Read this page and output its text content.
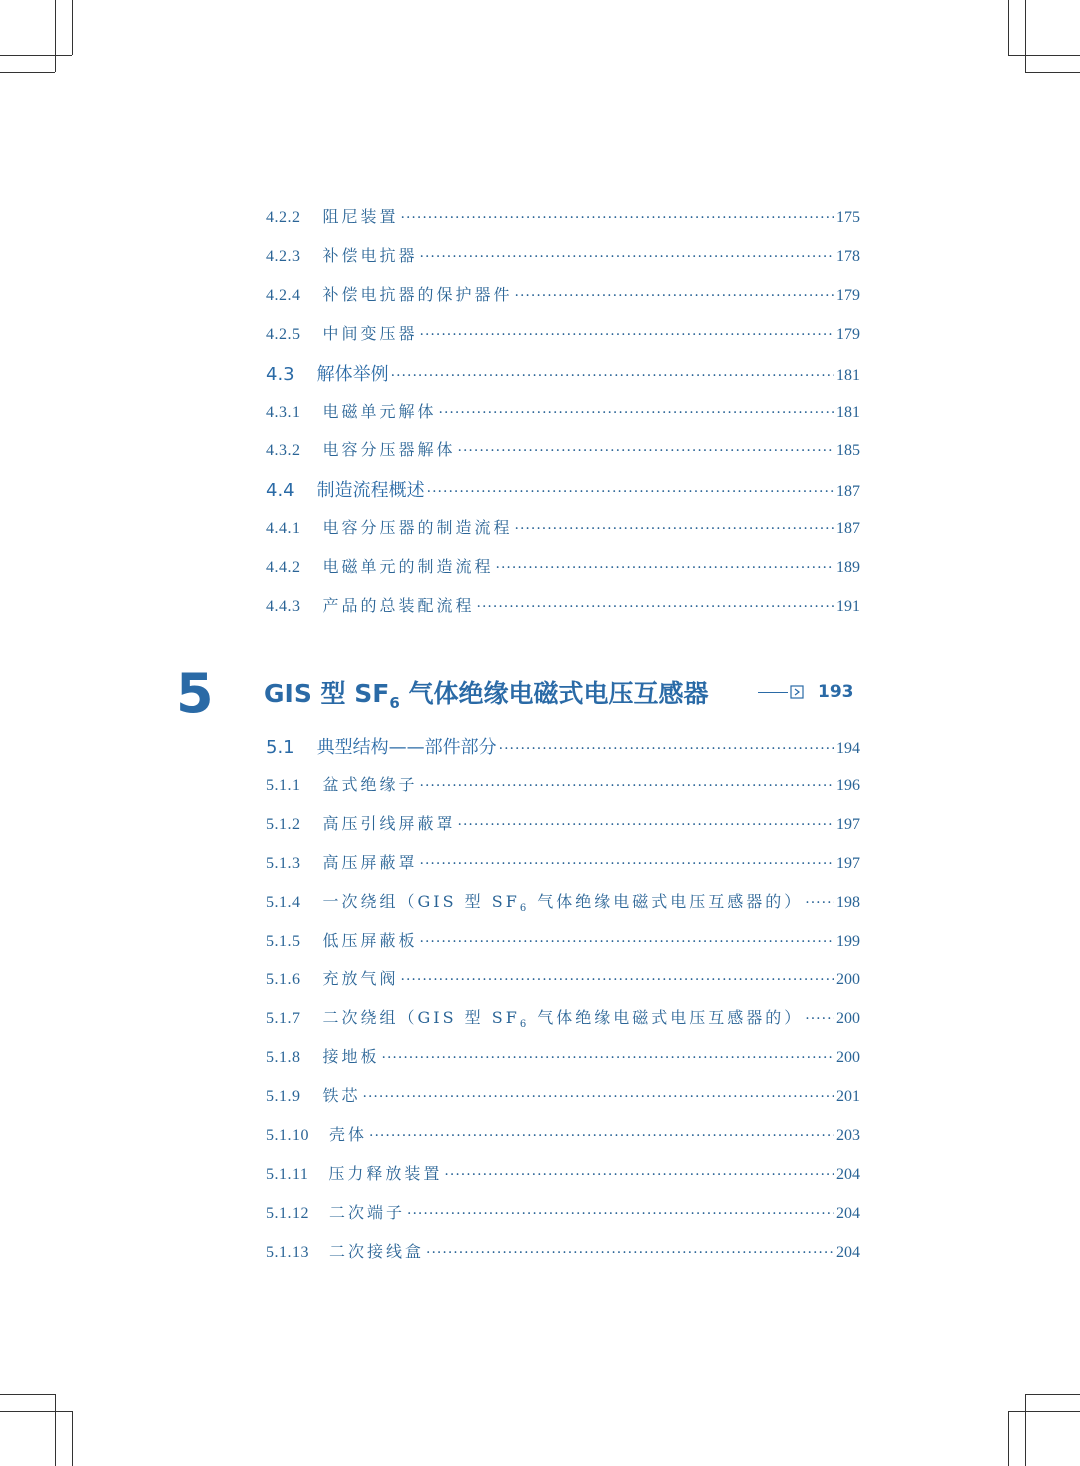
4.2.2 阻尼装置 ·····	175
4.2.3 补偿电抗器 ·····	178
4.2.4 补偿电抗器的保护器件 ·····	179
4.2.5 中间变压器 ·····	179
4.3 解体举例 ·····	181
4.3.1 电磁单元解体 ·····	181
4.3.2 电容分压器解体 ·····	185
4.4 制造流程概述 ·····	187
4.4.1 电容分压器的制造流程 ·····	187
4.4.2 电磁单元的制造流程 ·····	189
4.4.3 产品的总装配流程 ·····	191
5 GIS 型 $SF_6$ 气体绝缘电磁式电压互感器	193
5.1 典型结构——部件部分 ·····	194
5.1.1 盆式绝缘子 ·····	196
5.1.2 高压引线屏蔽罩 ·····	197
5.1.3 高压屏蔽罩 ·····	197
5.1.4 一次绕组（GIS 型 $SF_6$ 气体绝缘电磁式电压互感器的） ····· 198
5.1.5 低压屏蔽板 ·····	199
5.1.6 充放气阀 ·····	200
5.1.7 二次绕组（GIS 型 $SF_6$ 气体绝缘电磁式电压互感器的） ····· 200
5.1.8 接地板 ·····	200
5.1.9 铁芯 ·····	201
5.1.10 壳体 ·····	203
5.1.11 压力释放装置 ·····	204
5.1.12 二次端子 ·····	204
5.1.13 二次接线盒 ·····	204
